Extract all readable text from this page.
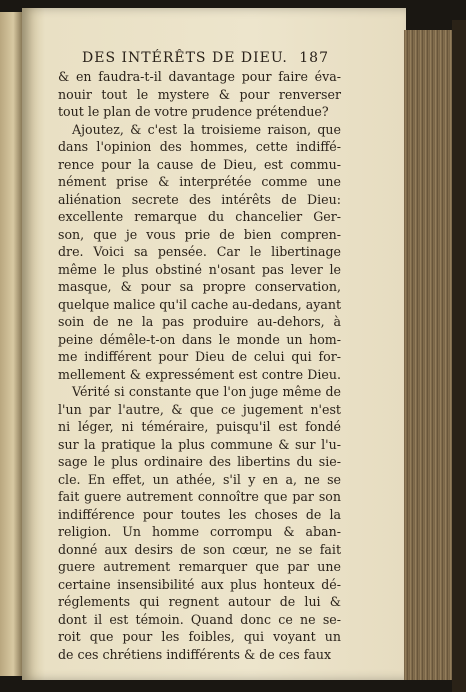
DES INTÉRÊTS DE DIEU. 187
& en faudra-t-il davantage pour faire éva-
nouir tout le mystere & pour renverser
tout le plan de votre prudence prétendue?
Ajoutez, & c'est la troisieme raison, que
dans l'opinion des hommes, cette indiffé-
rence pour la cause de Dieu, est commu-
nément prise & interprétée comme une
aliénation secrete des intérêts de Dieu:
excellente remarque du chancelier Ger-
son, que je vous prie de bien compren-
dre. Voici sa pensée. Car le libertinage
même le plus obstiné n'osant pas lever le
masque, & pour sa propre conservation,
quelque malice qu'il cache au-dedans, ayant
soin de ne la pas produire au-dehors, à
peine démêle-t-on dans le monde un hom-
me indifférent pour Dieu de celui qui for-
mellement & expressément est contre Dieu.
Vérité si constante que l'on juge même de
l'un par l'autre, & que ce jugement n'est
ni léger, ni téméraire, puisqu'il est fondé
sur la pratique la plus commune & sur l'u-
sage le plus ordinaire des libertins du sie-
cle. En effet, un athée, s'il y en a, ne se
fait guere autrement connoître que par son
indifférence pour toutes les choses de la
religion. Un homme corrompu & aban-
donné aux desirs de son cœur, ne se fait
guere autrement remarquer que par une
certaine insensibilité aux plus honteux dé-
réglements qui regnent autour de lui &
dont il est témoin. Quand donc ce ne se-
roit que pour les foibles, qui voyant un
de ces chrétiens indifférents & de ces faux
